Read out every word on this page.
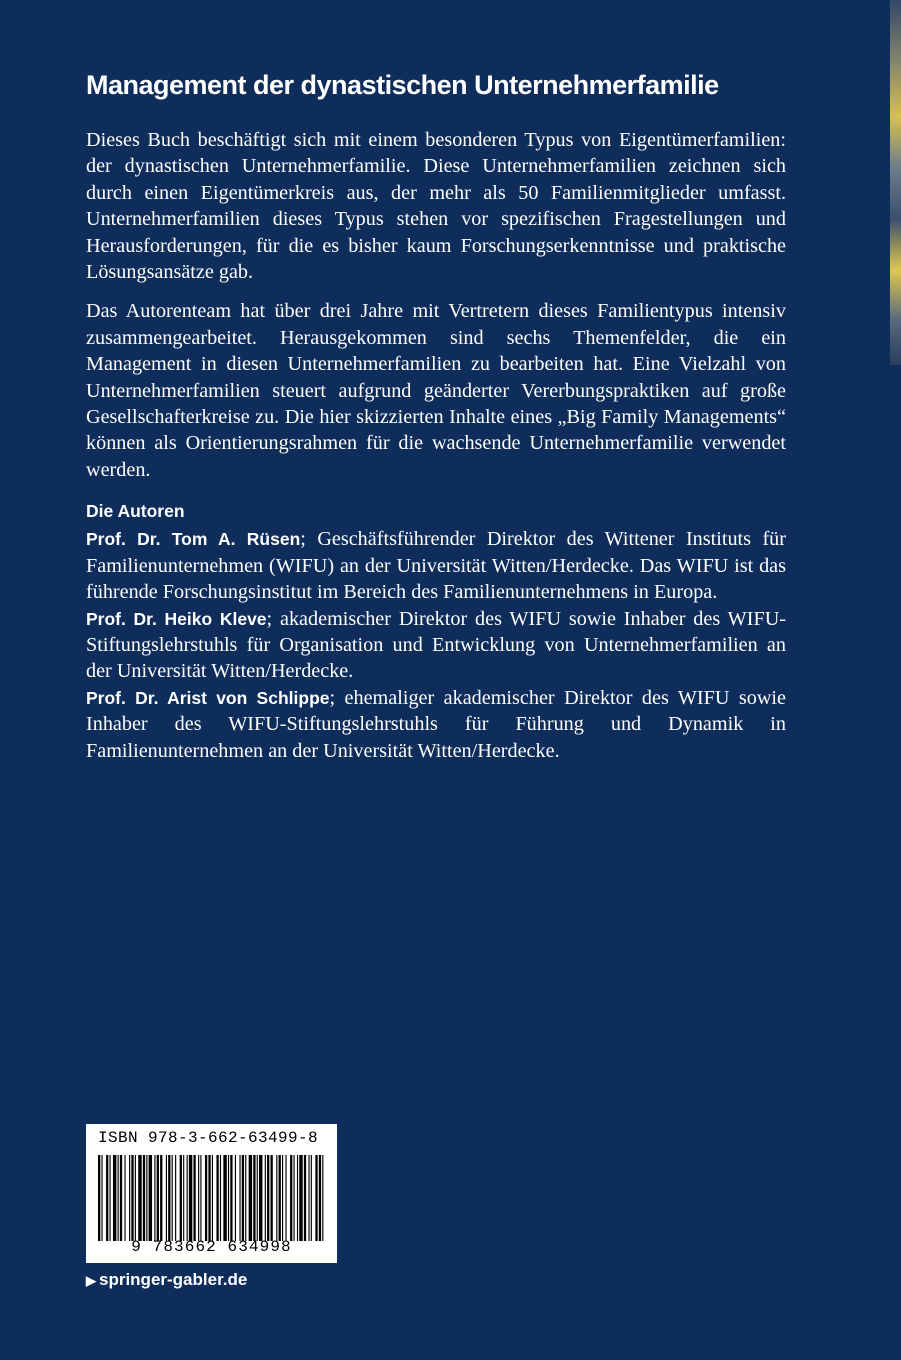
Management der dynastischen Unternehmerfamilie

Dieses Buch beschäftigt sich mit einem besonderen Typus von Eigentümerfamilien: der dynastischen Unternehmerfamilie. Diese Unternehmerfamilien zeichnen sich durch einen Eigentümerkreis aus, der mehr als 50 Familienmitglieder umfasst. Unternehmerfamilien dieses Typus stehen vor spezifischen Fragestellungen und Herausforderungen, für die es bisher kaum Forschungserkenntnisse und praktische Lösungsansätze gab.

Das Autorenteam hat über drei Jahre mit Vertretern dieses Familientypus intensiv zusammengearbeitet. Herausgekommen sind sechs Themenfelder, die ein Management in diesen Unternehmerfamilien zu bearbeiten hat. Eine Vielzahl von Unternehmerfamilien steuert aufgrund geänderter Vererbungspraktiken auf große Gesellschafterkreise zu. Die hier skizzierten Inhalte eines „Big Family Managements“ können als Orientierungsrahmen für die wachsende Unternehmerfamilie verwendet werden.

Die Autoren

Prof. Dr. Tom A. Rüsen; Geschäftsführender Direktor des Wittener Instituts für Familienunternehmen (WIFU) an der Universität Witten/Herdecke. Das WIFU ist das führende Forschungsinstitut im Bereich des Familienunternehmens in Europa.

Prof. Dr. Heiko Kleve; akademischer Direktor des WIFU sowie Inhaber des WIFU-Stiftungslehrstuhls für Organisation und Entwicklung von Unternehmerfamilien an der Universität Witten/Herdecke.

Prof. Dr. Arist von Schlippe; ehemaliger akademischer Direktor des WIFU sowie Inhaber des WIFU-Stiftungslehrstuhls für Führung und Dynamik in Familienunternehmen an der Universität Witten/Herdecke.

ISBN 978-3-662-63499-8
9 783662 634998
▶ springer-gabler.de
